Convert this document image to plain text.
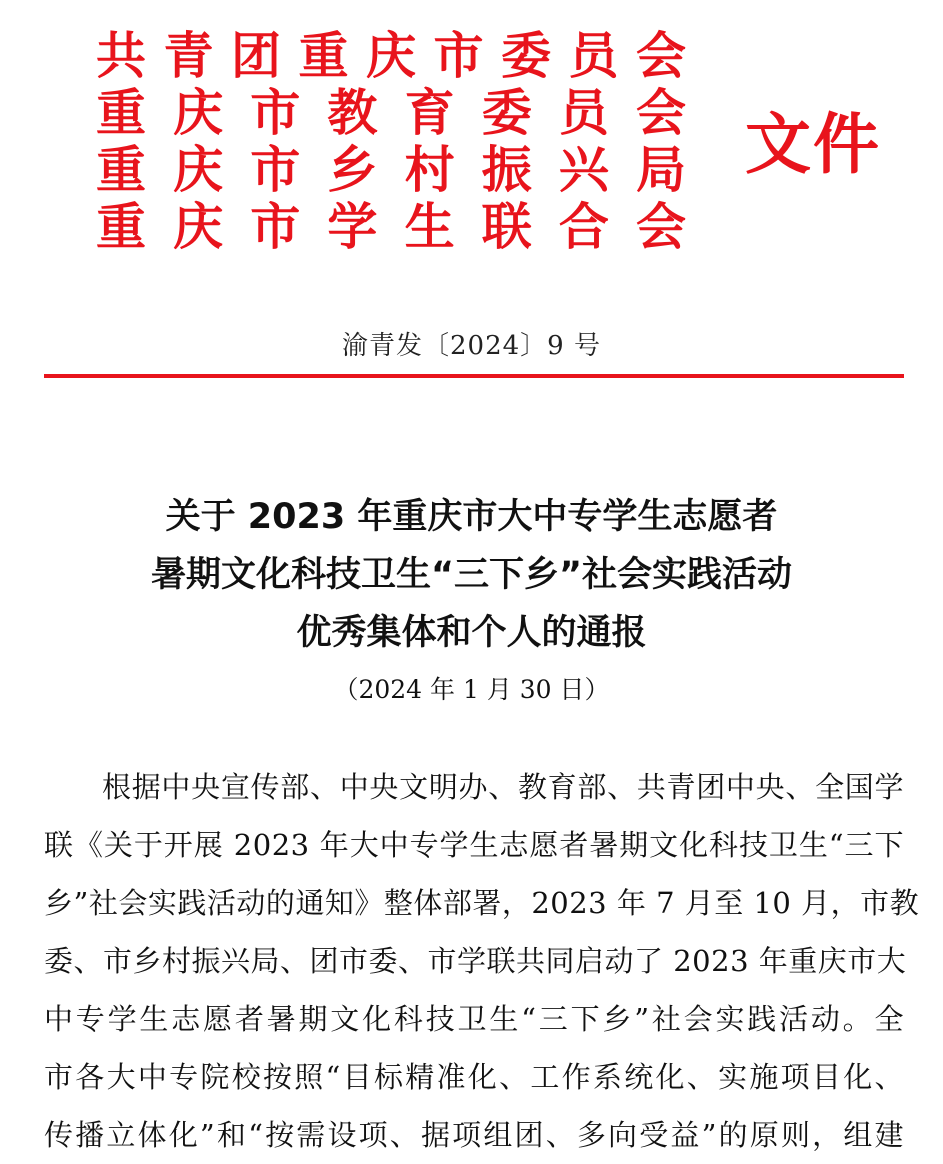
共 青 团 重 庆 市 委 员 会
重 庆 市 教 育 委 员 会
重 庆 市 乡 村 振 兴 局
重 庆 市 学 生 联 合 会
文件
渝青发〔2024〕9 号
关于 2023 年重庆市大中专学生志愿者
暑期文化科技卫生“三下乡”社会实践活动
优秀集体和个人的通报
（2024 年 1 月 30 日）
根据中央宣传部、中央文明办、教育部、共青团中央、全国学
联《关于开展 2023 年大中专学生志愿者暑期文化科技卫生“三下
乡”社会实践活动的通知》整体部署，2023 年 7 月至 10 月，市教
委、市乡村振兴局、团市委、市学联共同启动了 2023 年重庆市大
中专学生志愿者暑期文化科技卫生“三下乡”社会实践活动。全
市各大中专院校按照“目标精准化、工作系统化、实施项目化、
传播立体化”和“按需设项、据项组团、多向受益”的原则，组建
